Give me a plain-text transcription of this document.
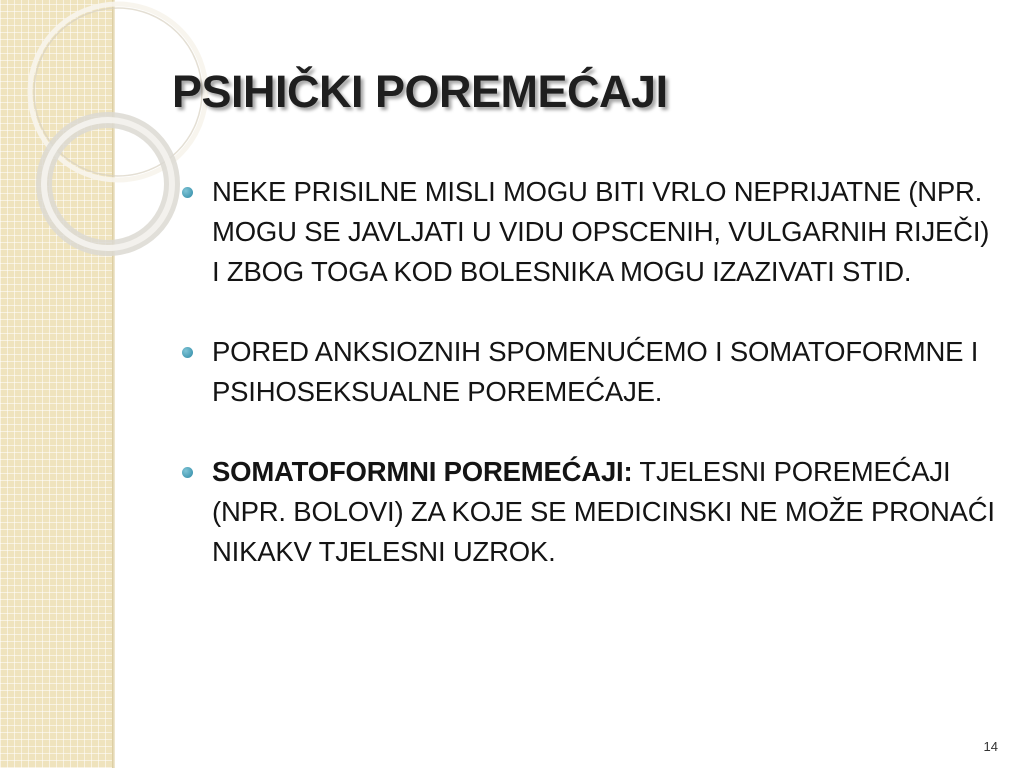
PSIHIČKI POREMEĆAJI
NEKE PRISILNE MISLI MOGU BITI VRLO NEPRIJATNE (NPR. MOGU SE JAVLJATI U VIDU OPSCENIH, VULGARNIH RIJEČI) I ZBOG TOGA KOD BOLESNIKA MOGU IZAZIVATI STID.
PORED ANKSIOZNIH SPOMENUĆEMO I SOMATOFORMNE I PSIHOSEKSUALNE POREMEĆAJE.
SOMATOFORMNI POREMEĆAJI: TJELESNI POREMEĆAJI (NPR. BOLOVI) ZA KOJE SE MEDICINSKI NE MOŽE PRONAĆI NIKAKV TJELESNI UZROK.
14
